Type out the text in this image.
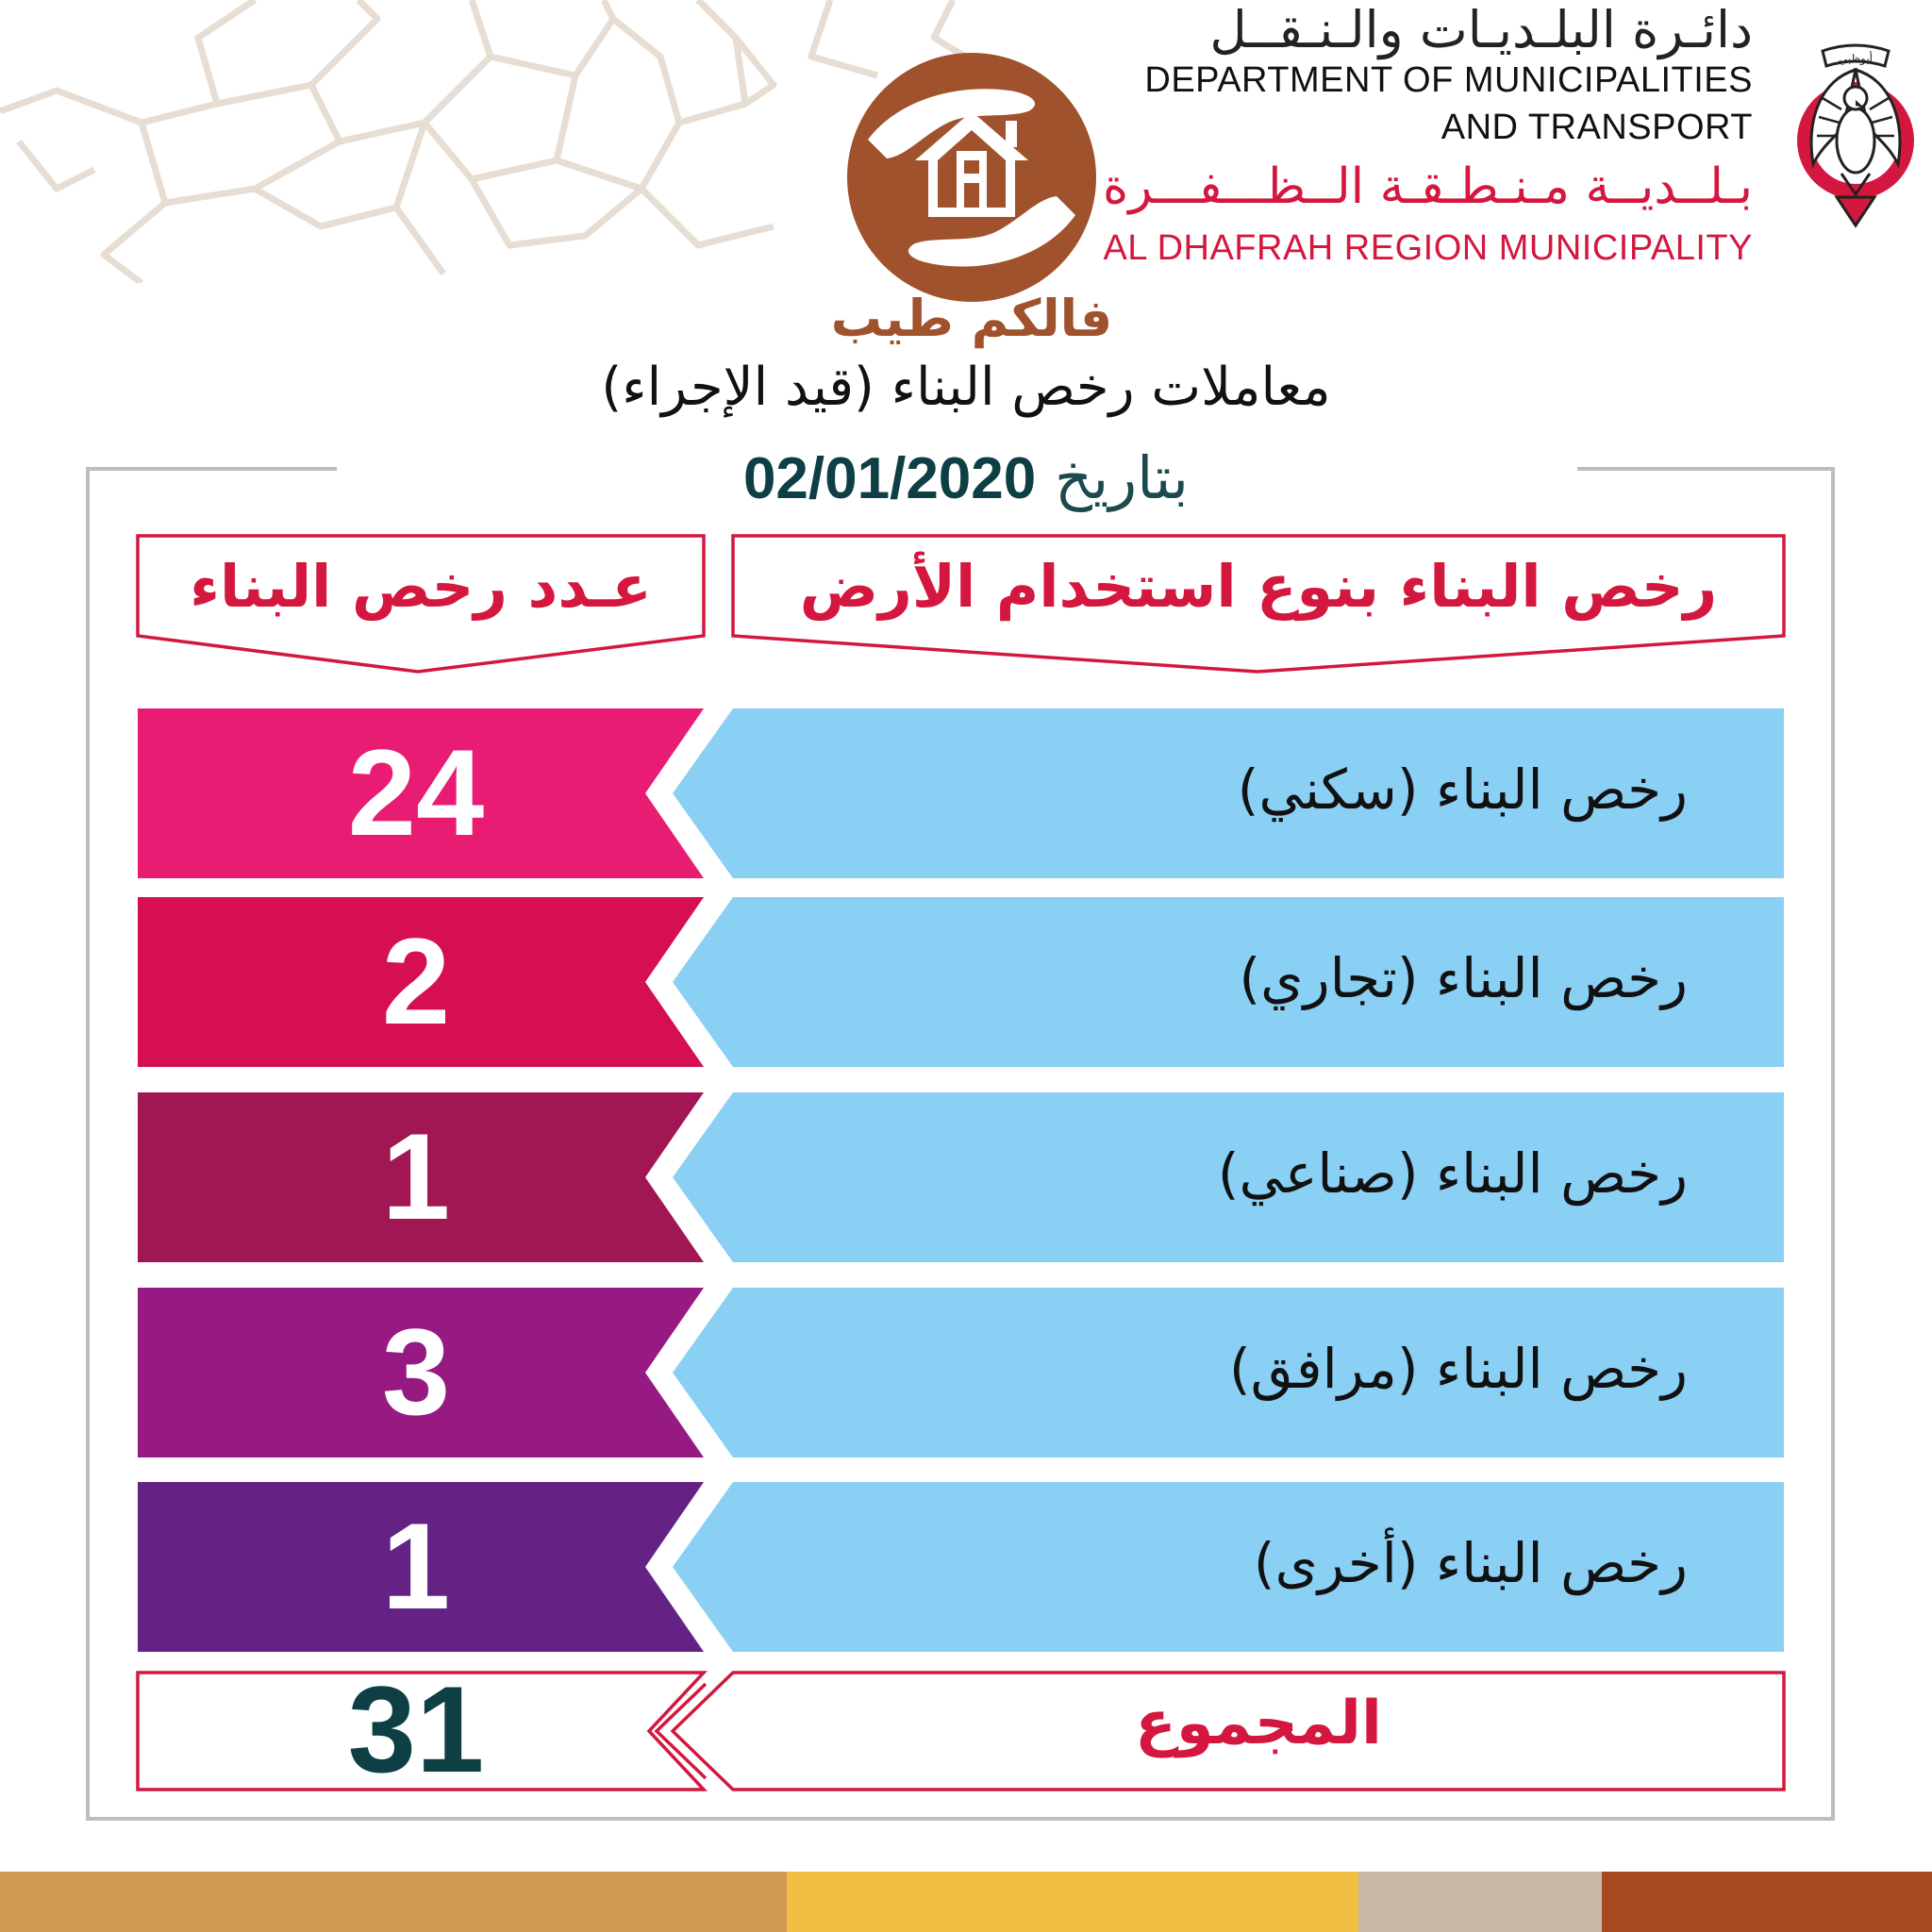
فالكم طيب
دائـرة البلـديـات والـنـقــل
DEPARTMENT OF MUNICIPALITIES
AND TRANSPORT
بـلــديــة مـنـطـقـة الــظـــفـــرة
AL DHAFRAH REGION MUNICIPALITY
أبوظبي
معاملات رخص البناء (قيد الإجراء)
بتاريخ 02/01/2020
رخص البناء بنوع استخدام الأرض
عـدد رخص البناء
رخص البناء (سكني)
24
رخص البناء (تجاري)
2
رخص البناء (صناعي)
1
رخص البناء (مرافق)
3
رخص البناء (أخرى)
1
المجموع
31
